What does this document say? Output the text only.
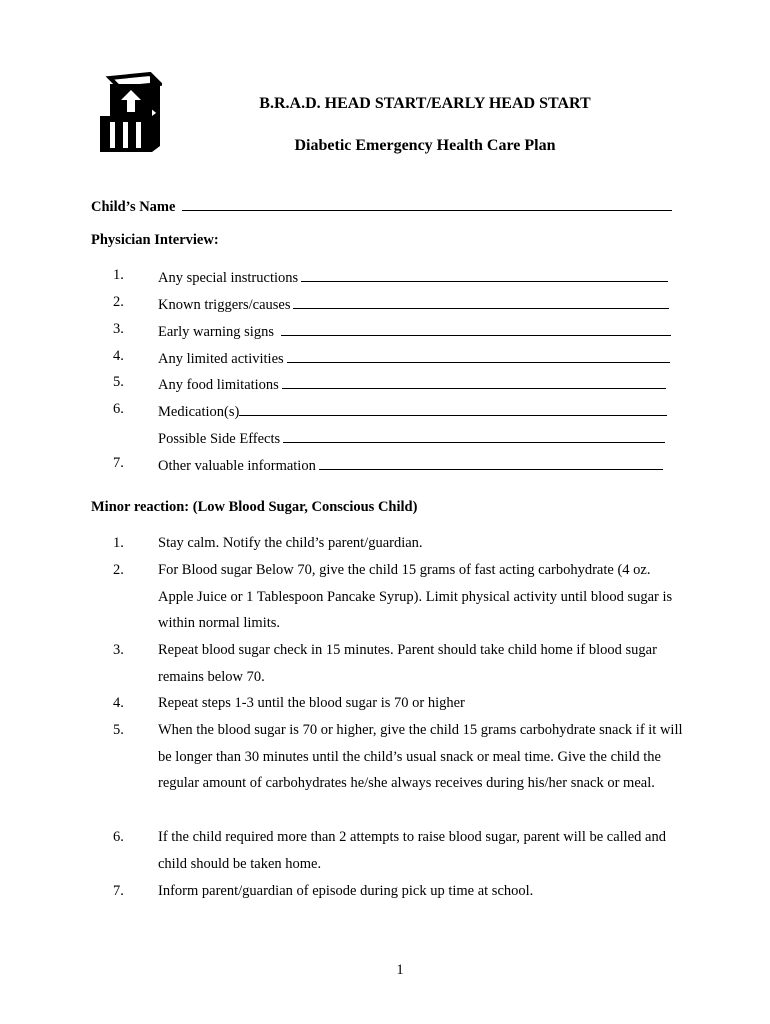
B.R.A.D. HEAD START/EARLY HEAD START
Diabetic Emergency Health Care Plan
Child’s Name
Physician Interview:
1. Any special instructions
2. Known triggers/causes
3. Early warning signs
4. Any limited activities
5. Any food limitations
6. Medication(s)
Possible Side Effects
7. Other valuable information
Minor reaction: (Low Blood Sugar, Conscious Child)
1. Stay calm. Notify the child’s parent/guardian.
2. For Blood sugar Below 70, give the child 15 grams of fast acting carbohydrate (4 oz. Apple Juice or 1 Tablespoon Pancake Syrup). Limit physical activity until blood sugar is within normal limits.
3. Repeat blood sugar check in 15 minutes. Parent should take child home if blood sugar remains below 70.
4. Repeat steps 1-3 until the blood sugar is 70 or higher
5. When the blood sugar is 70 or higher, give the child 15 grams carbohydrate snack if it will be longer than 30 minutes until the child’s usual snack or meal time. Give the child the regular amount of carbohydrates he/she always receives during his/her snack or meal.
6. If the child required more than 2 attempts to raise blood sugar, parent will be called and child should be taken home.
7. Inform parent/guardian of episode during pick up time at school.
1
